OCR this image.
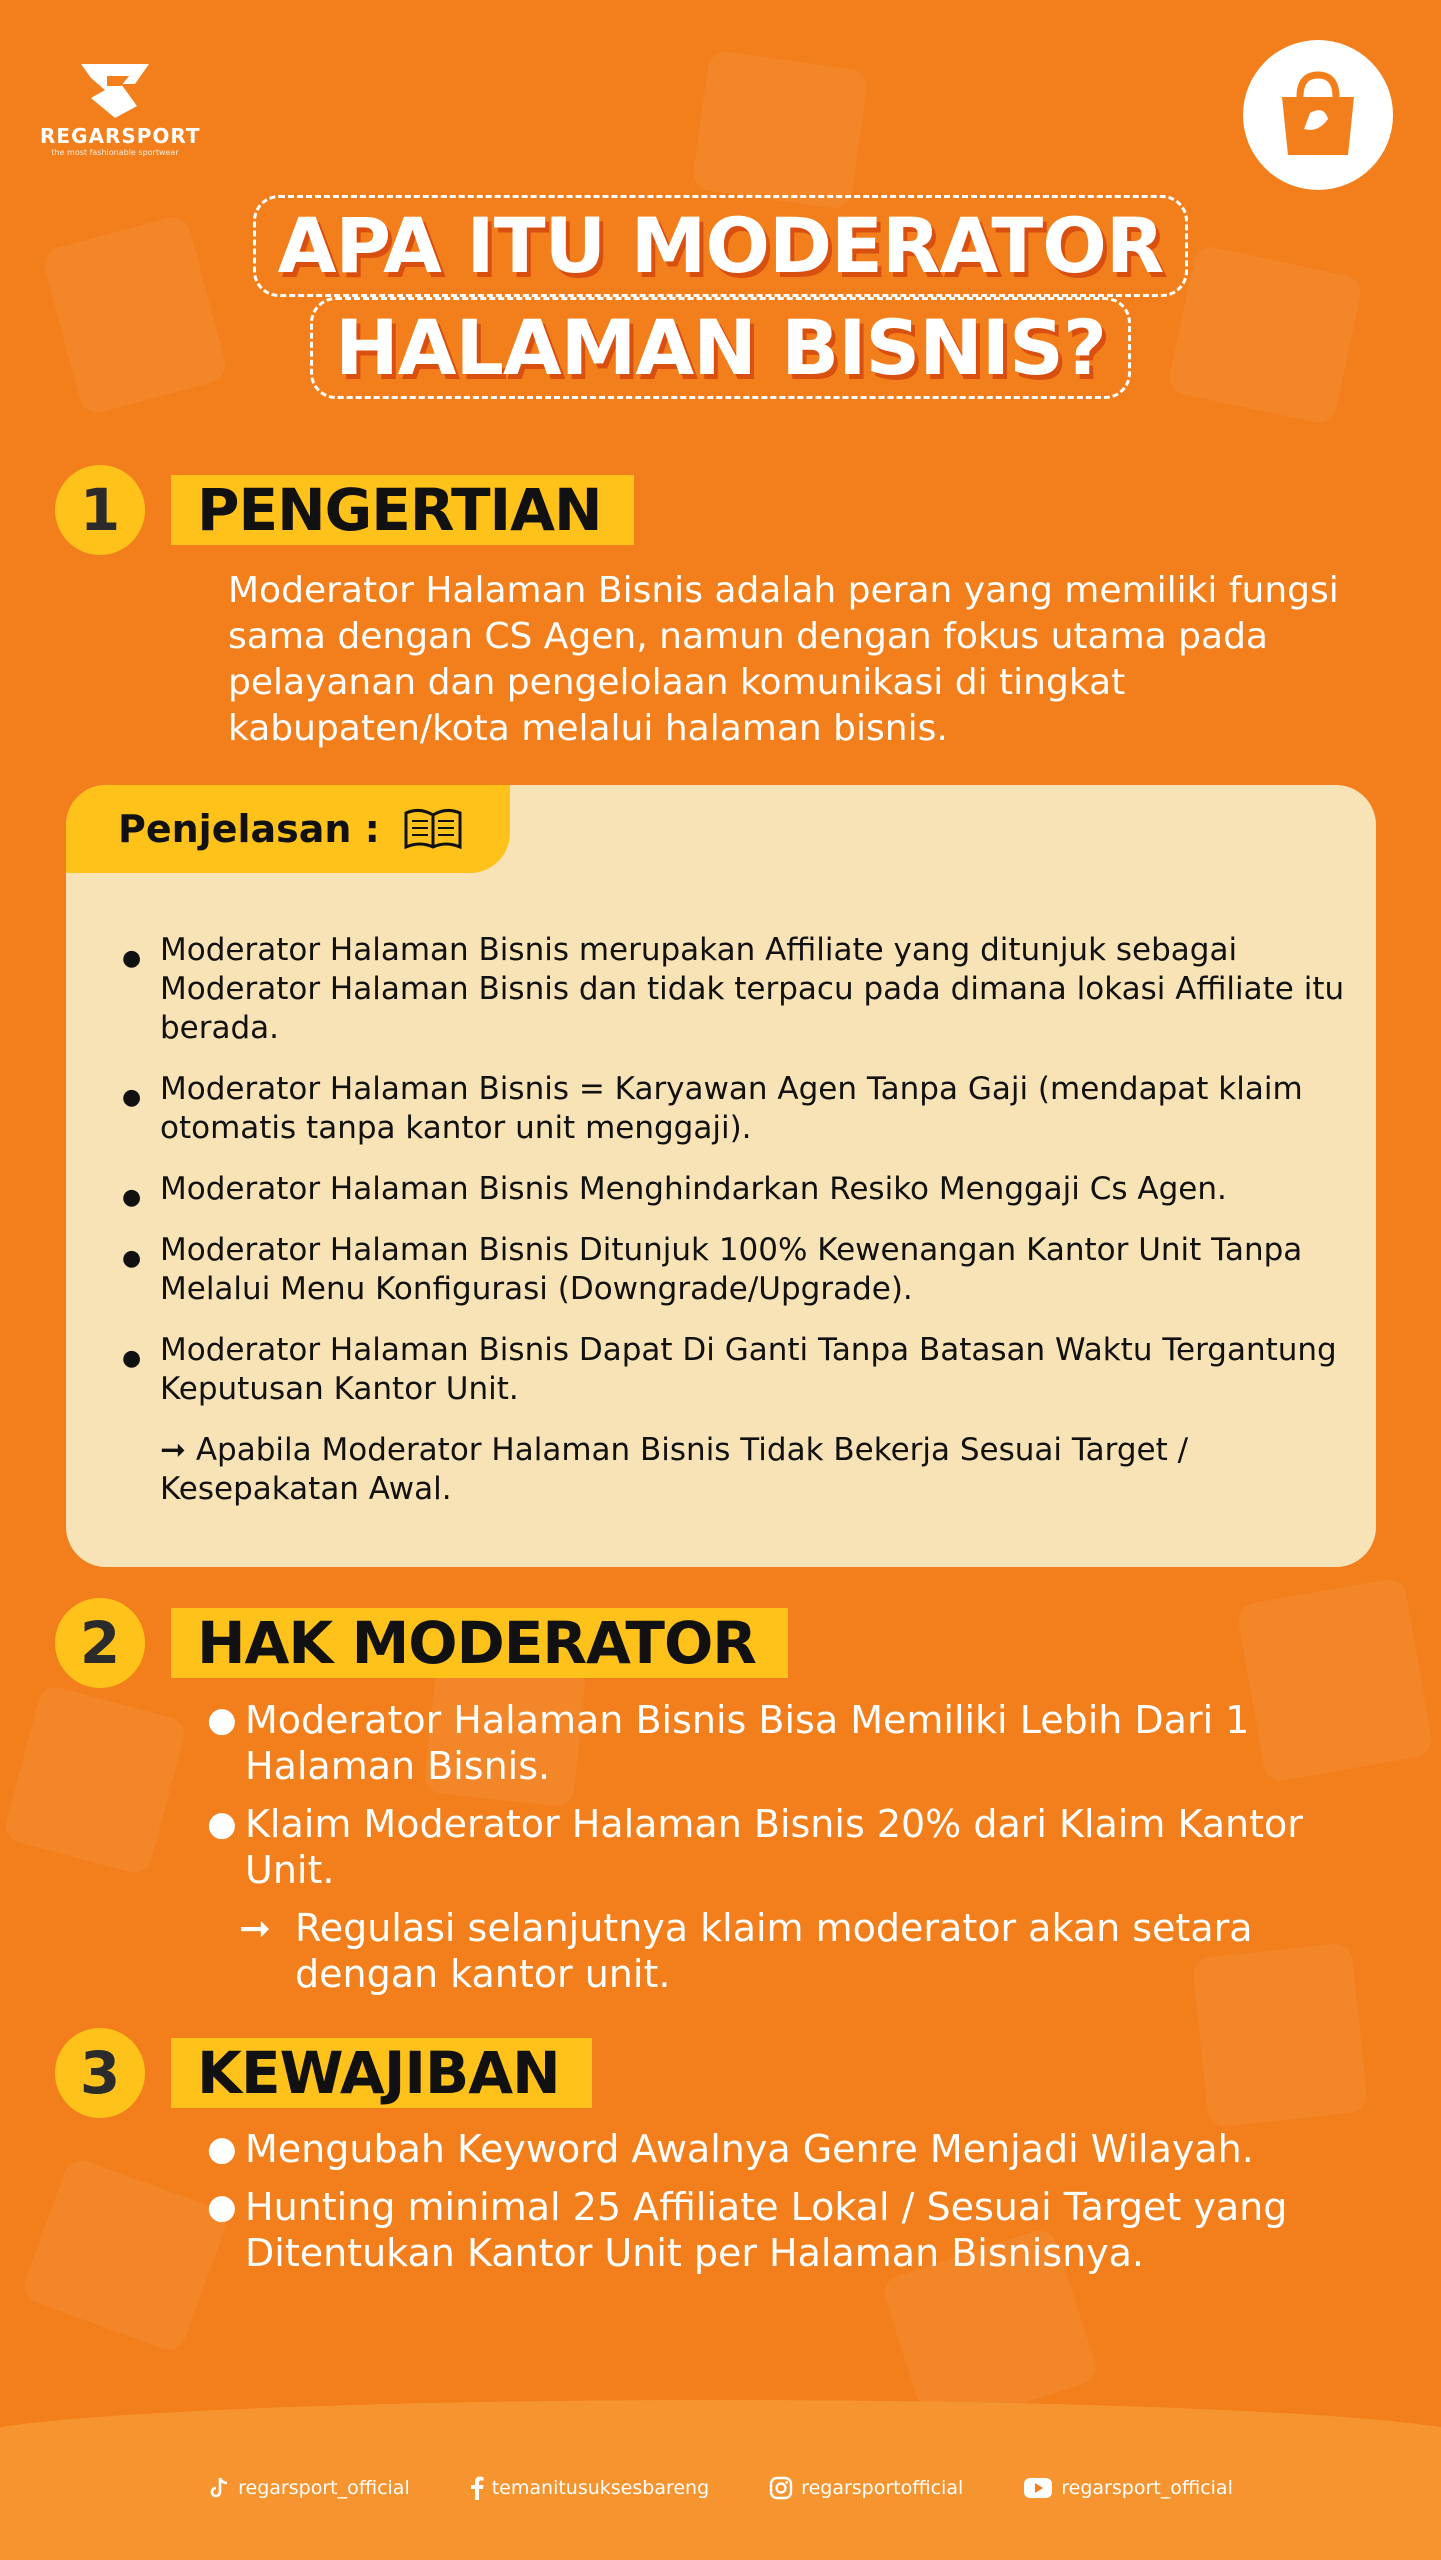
REGARSPORT
the most fashionable sportwear
APA ITU MODERATOR
HALAMAN BISNIS?
1	PENGERTIAN

Moderator Halaman Bisnis adalah peran yang memiliki fungsi sama dengan CS Agen, namun dengan fokus utama pada pelayanan dan pengelolaan komunikasi di tingkat kabupaten/kota melalui halaman bisnis.

Penjelasan :
● Moderator Halaman Bisnis merupakan Affiliate yang ditunjuk sebagai Moderator Halaman Bisnis dan tidak terpacu pada dimana lokasi Affiliate itu berada.
● Moderator Halaman Bisnis = Karyawan Agen Tanpa Gaji (mendapat klaim otomatis tanpa kantor unit menggaji).
● Moderator Halaman Bisnis Menghindarkan Resiko Menggaji Cs Agen.
● Moderator Halaman Bisnis Ditunjuk 100% Kewenangan Kantor Unit Tanpa Melalui Menu Konfigurasi (Downgrade/Upgrade).
● Moderator Halaman Bisnis Dapat Di Ganti Tanpa Batasan Waktu Tergantung Keputusan Kantor Unit.
➞ Apabila Moderator Halaman Bisnis Tidak Bekerja Sesuai Target / Kesepakatan Awal.
2	HAK MODERATOR
● Moderator Halaman Bisnis Bisa Memiliki Lebih Dari 1 Halaman Bisnis.
● Klaim Moderator Halaman Bisnis 20% dari Klaim Kantor Unit.
➞ Regulasi selanjutnya klaim moderator akan setara dengan kantor unit.
3	KEWAJIBAN
● Mengubah Keyword Awalnya Genre Menjadi Wilayah.
● Hunting minimal 25 Affiliate Lokal / Sesuai Target yang Ditentukan Kantor Unit per Halaman Bisnisnya.
regarsport_official	temanitusuksesbareng	regarsportofficial	regarsport_official
